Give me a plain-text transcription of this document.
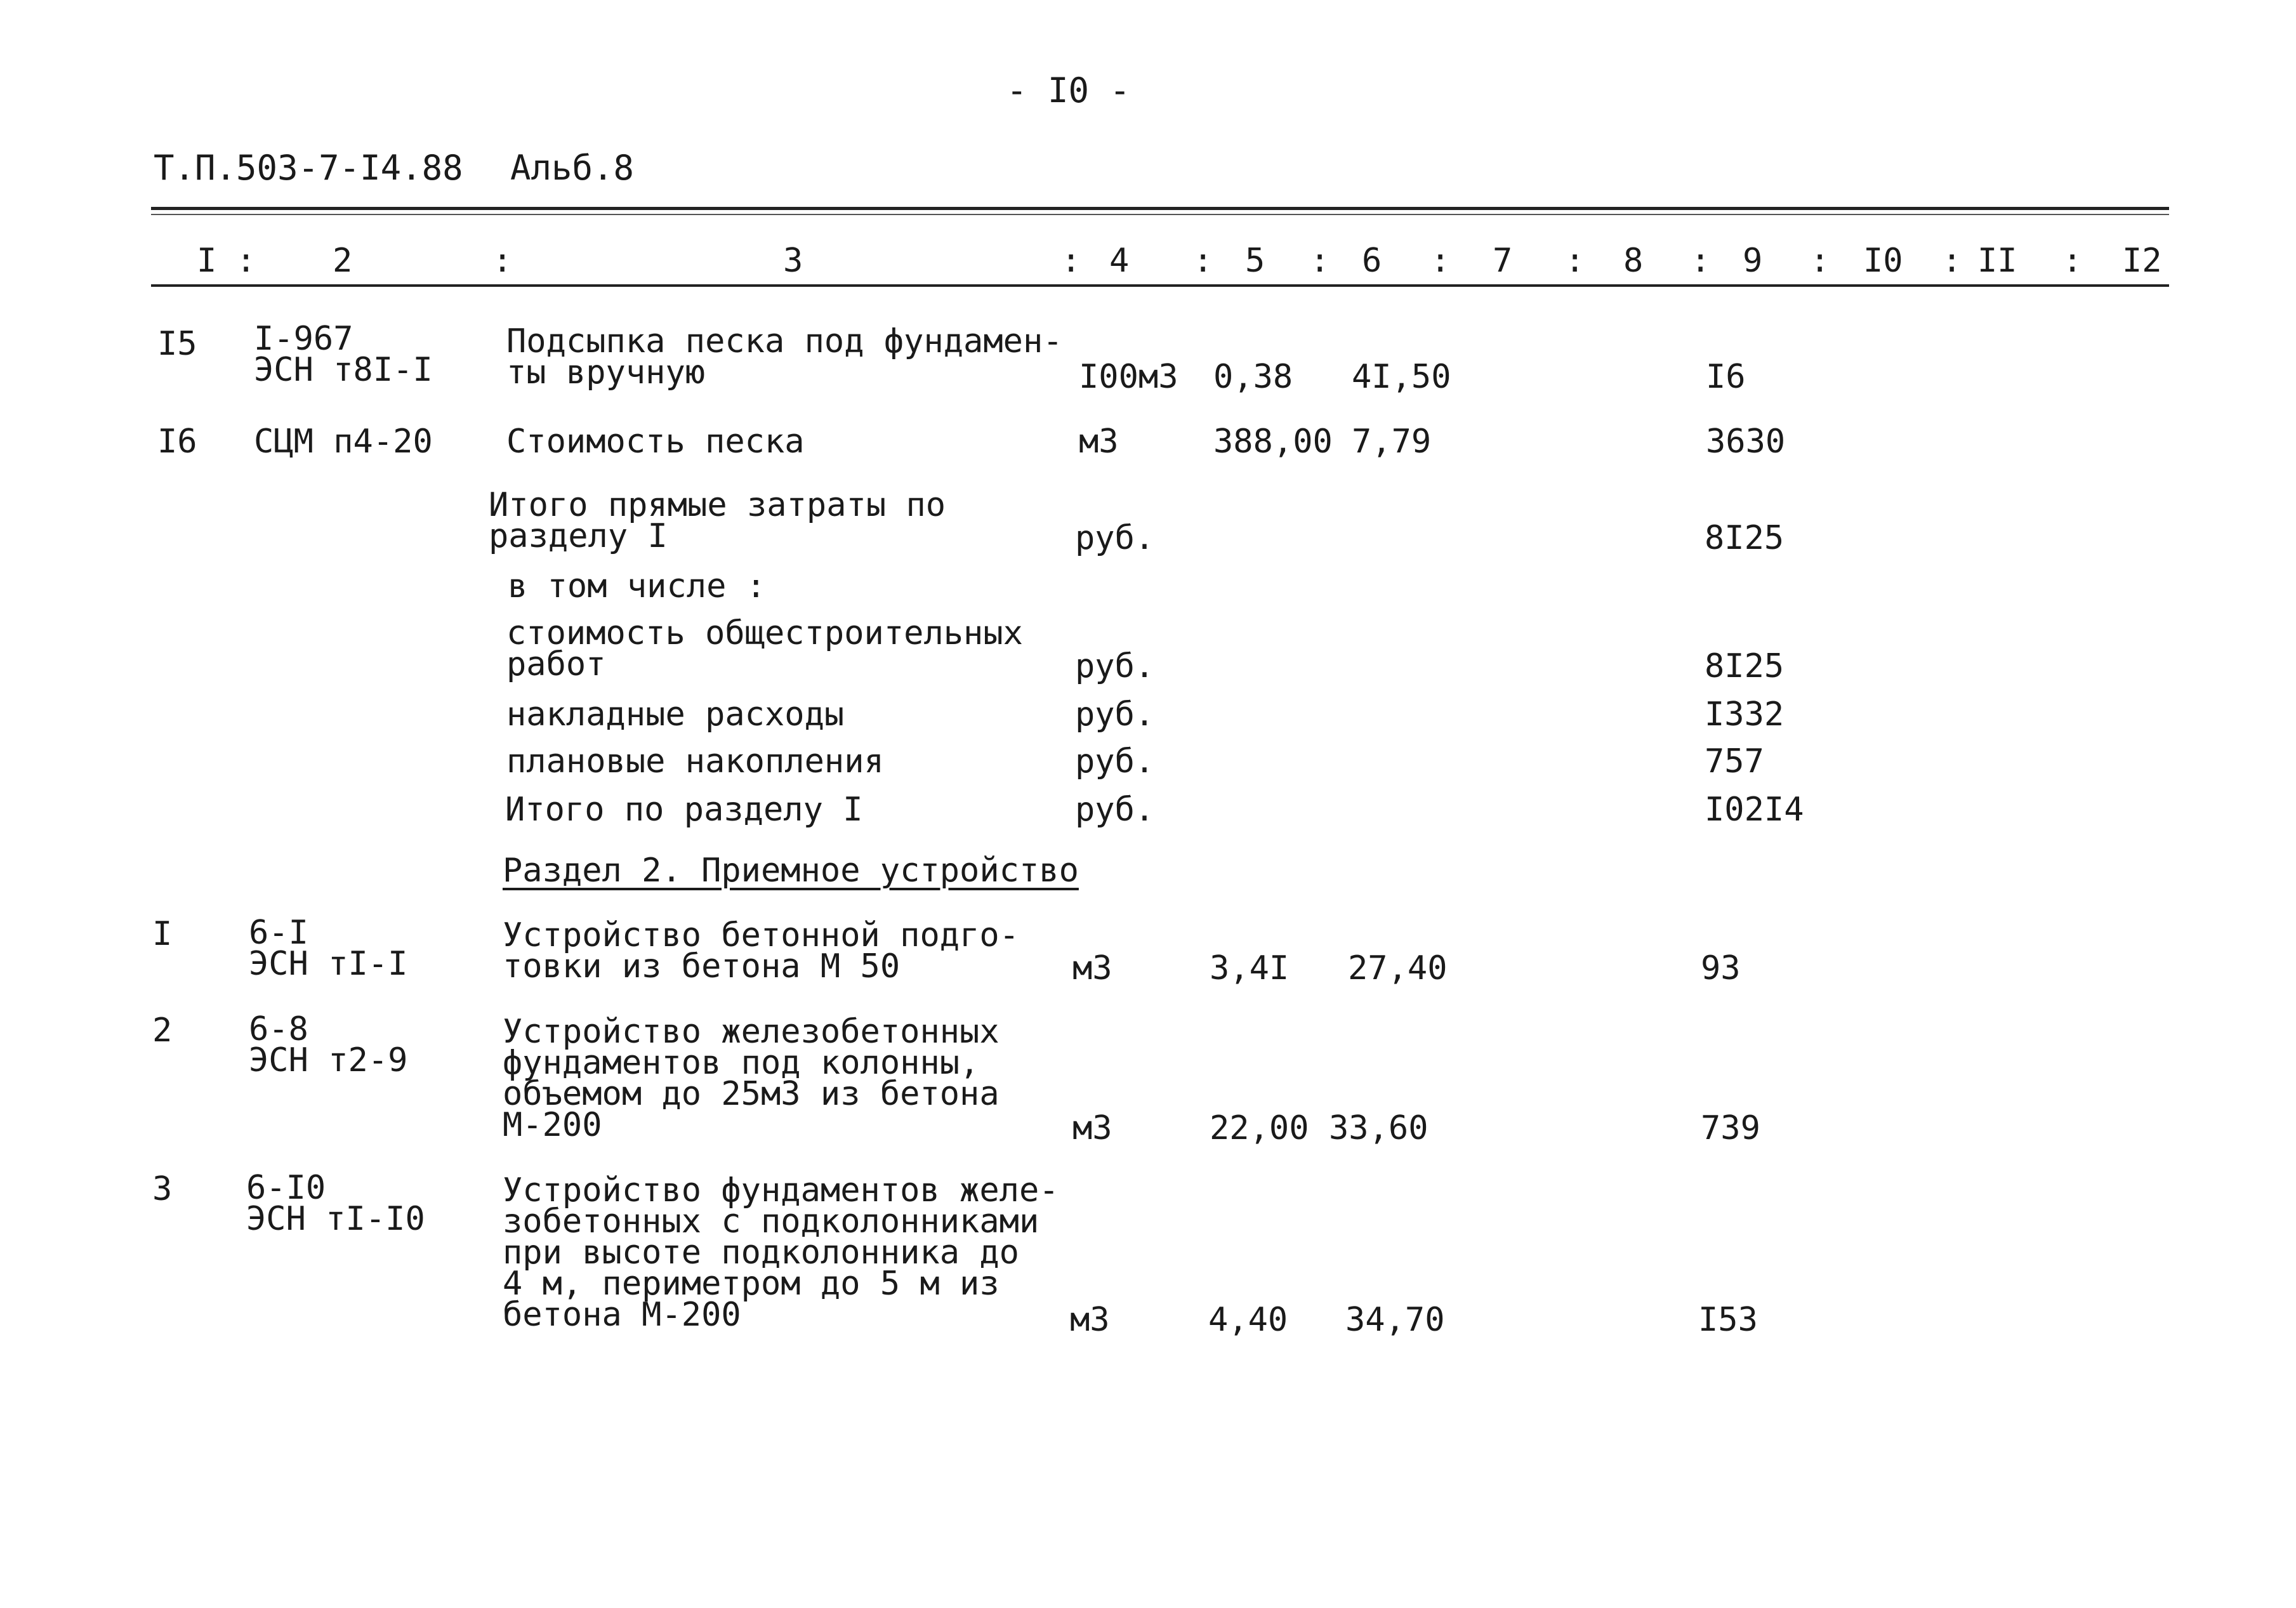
- I0 -
Т.П.503-7-I4.88 Альб.8
I : 2	:	3	: 4 : 5 : 6 : 7 : 8 : 9 : I0 : II : I2
I5 I-967
ЭСН т8I-I
Подсыпка песка под фундамен-
ты вручную	I00м3 0,38 4I,50	I6
I6 СЦМ п4-20 Стоимость песка	м3	388,00 7,79	3630
Итого прямые затраты по
разделу I	руб.	8I25
в том числе :
стоимость общестроительных
работ	руб.	8I25
накладные расходы	руб.	I332
плановые накопления	руб.	757
Итого по разделу I	руб.	I02I4
Раздел 2. Приемное устройство
I 6-I
ЭСН тI-I
Устройство бетонной подго-
товки из бетона М 50	м3	3,4I 27,40	93
2 6-8
ЭСН т2-9
Устройство железобетонных
фундаментов под колонны,
объемом до 25м3 из бетона
М-200	м3	22,00 33,60	739
3 6-I0
ЭСН тI-I0
Устройство фундаментов желе-
зобетонных с подколонниками
при высоте подколонника до
4 м, периметром до 5 м из
бетона М-200	м3	4,40 34,70	I53
